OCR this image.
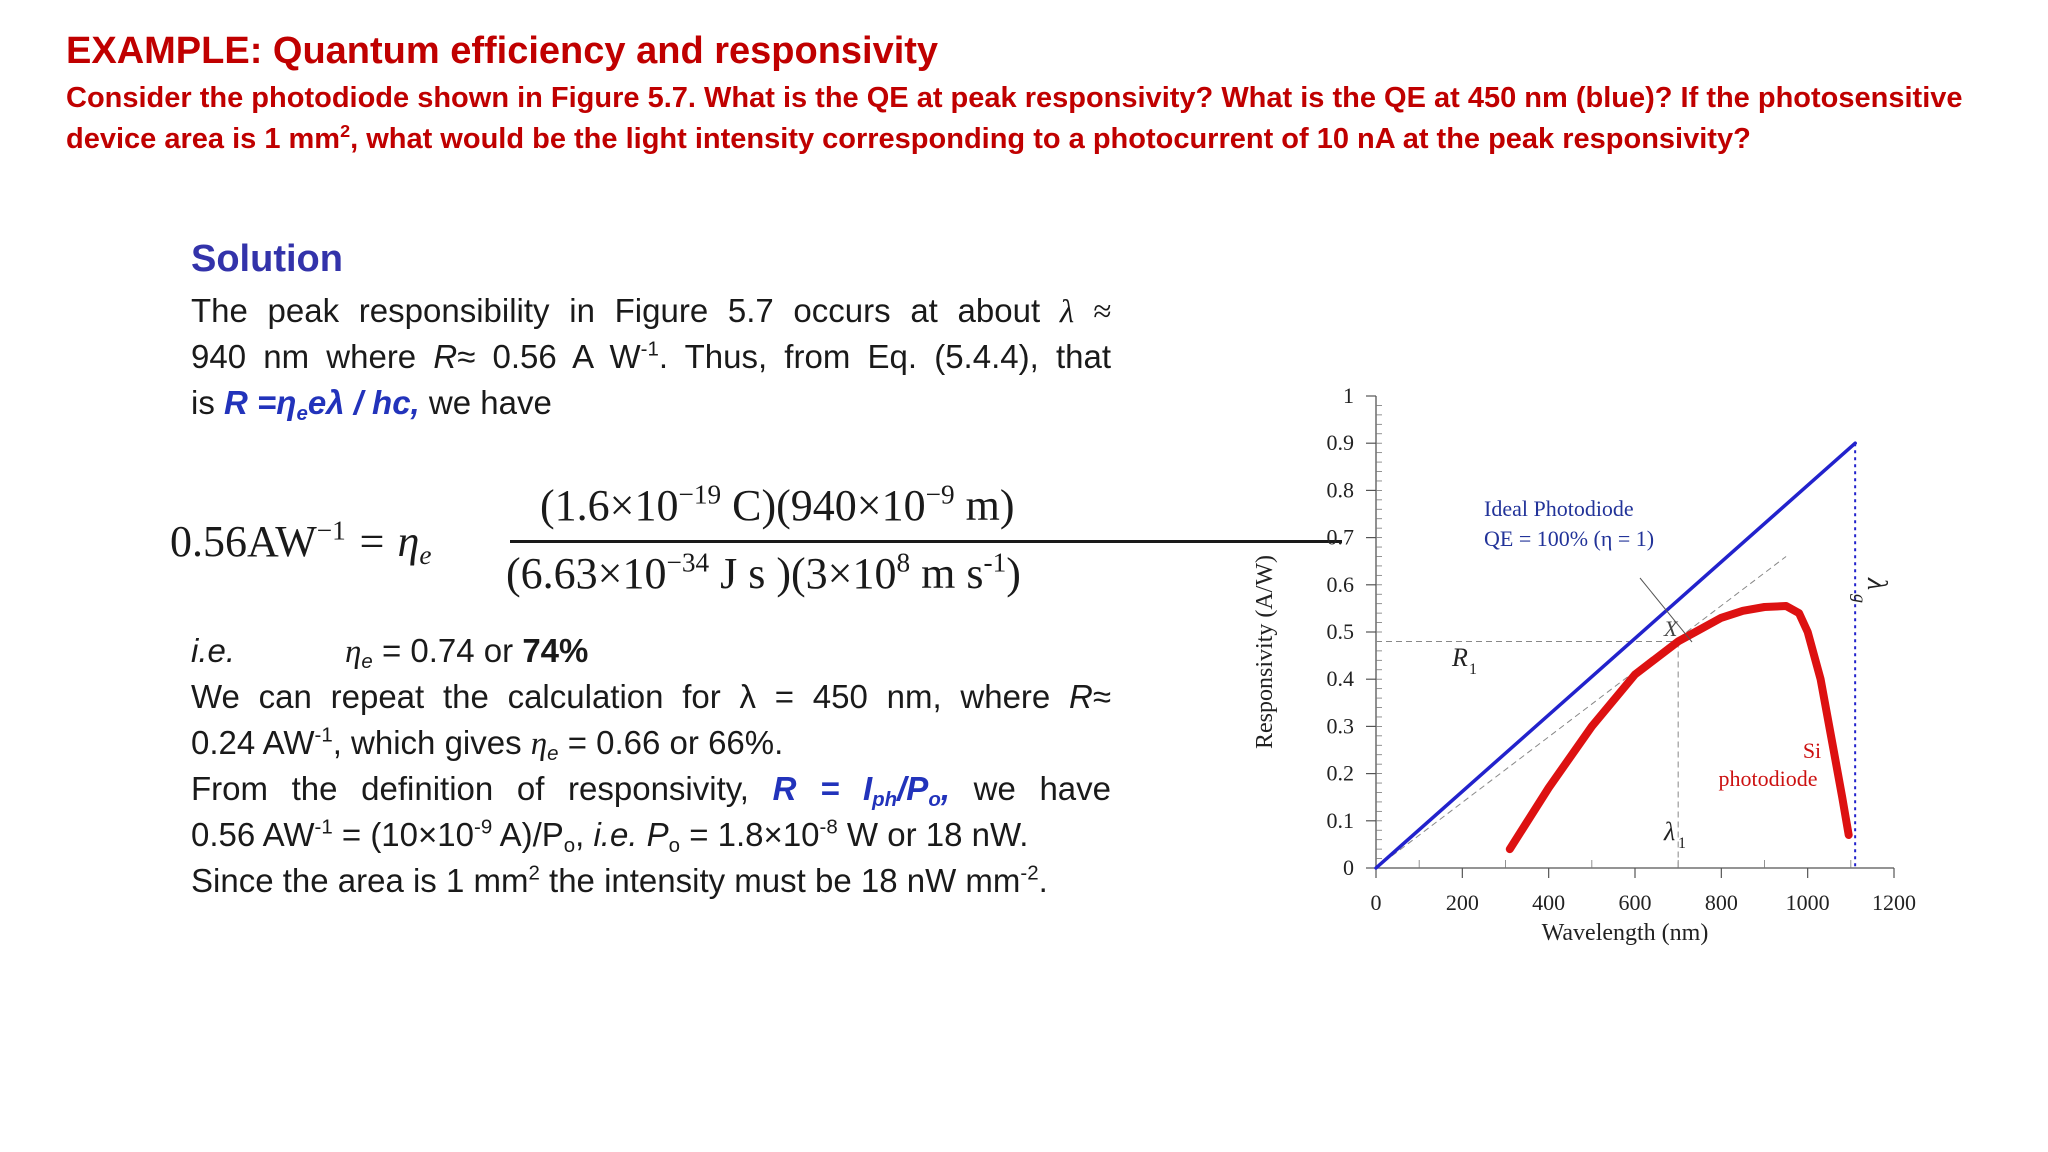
EXAMPLE: Quantum efficiency and responsivity
Consider the photodiode shown in Figure 5.7. What is the QE at peak responsivity? What is the QE at 450 nm (blue)? If the photosensitive
device area is 1 $mm^2$, what would be the light intensity corresponding to a photocurrent of 10 nA at the peak responsivity?
Solution
The peak responsibility in Figure 5.7 occurs at about λ ≈
940 nm where R≈ 0.56 A $W^{-1}$. Thus, from Eq. (5.4.4), that
is $R =\eta_ee\lambda$ / hc, we have
$0.56AW^{-1} = \eta_e$
($1.6\times 10^{-19}$ $C)(940\times 10^{-9}$ m)
($6.63\times 10^{-34}$ J s )($3\times 10^8$ m $s^{-1}$)
i.e.	$\eta_e = 0.74$ or 74%
We can repeat the calculation for λ = 450 nm, where R≈
0.24 $AW^{-1}$, which gives $\eta_e = 0.66$ or 66%.
From the definition of responsivity, $R = I_{ph}/P_o$, we have
0.56 $AW^{-1} = (10\times 10^{-9}$ $A)/P_o$, i.e. $P_o = 1.8\times 10^{-8}$ W or 18 nW.
Since the area is 1 $mm^2$ the intensity must be 18 nW $mm^{-2}$.	0
0.1
0.2
0.3
0.4
0.5
0.6
0.7
0.8
0.9
1
0	200 400 600 800 1000 1200
Wavelength (nm)
Responsivity (A/W)
Ideal Photodiode
QE = 100% (η = 1)
Si
photodiode
R 1
X
λ 1
λ
g
